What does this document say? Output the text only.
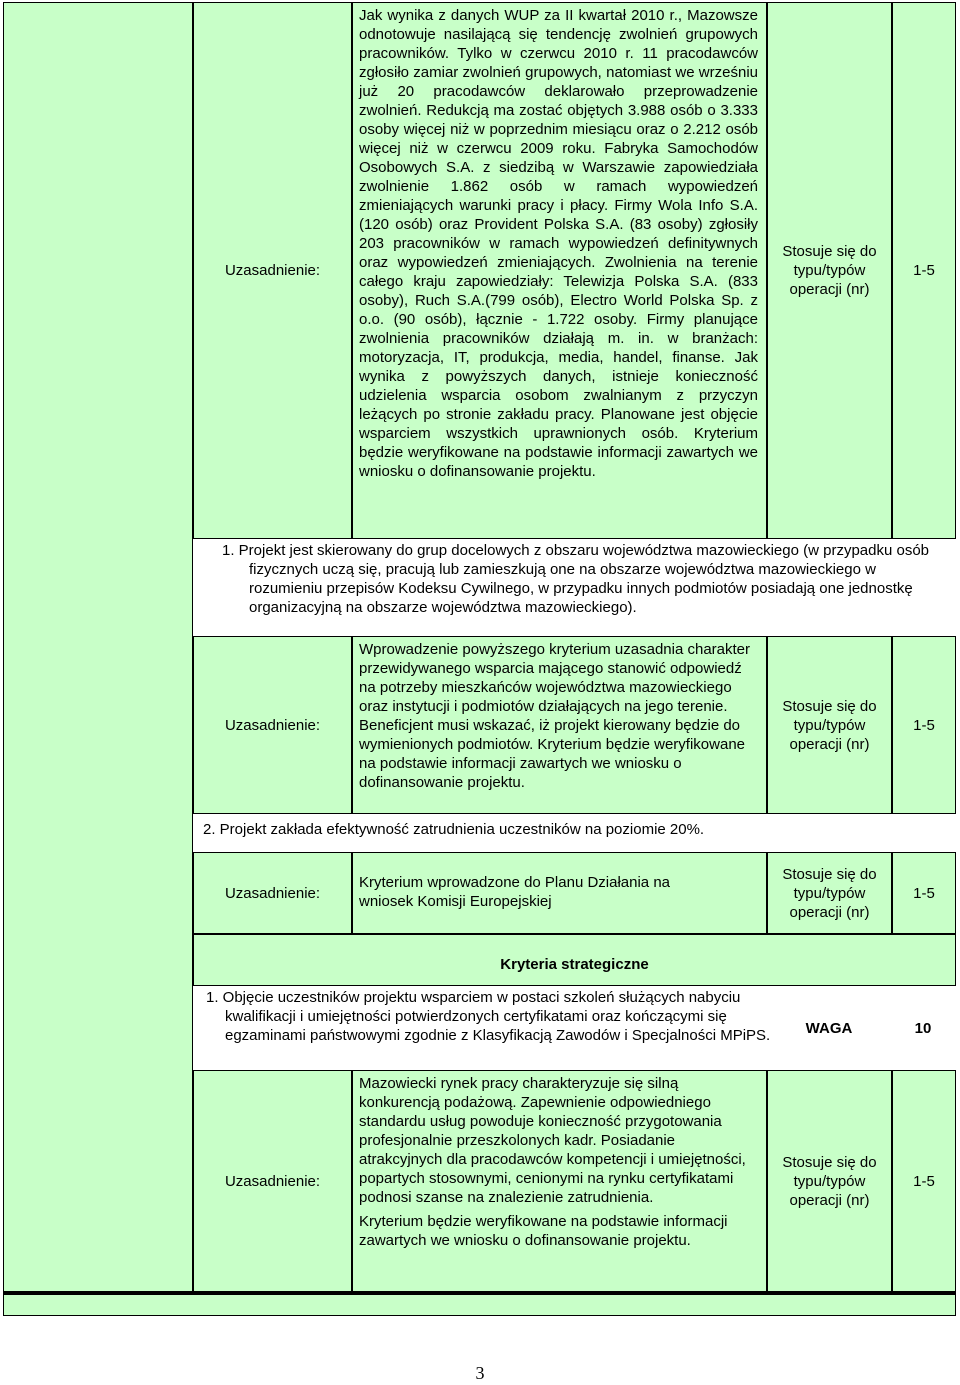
Uzasadnienie:
Jak wynika z danych WUP za II kwartał 2010 r., Mazowsze odnotowuje nasilającą się tendencję zwolnień grupowych pracowników. Tylko w czerwcu 2010 r. 11 pracodawców zgłosiło zamiar zwolnień grupowych, natomiast we wrześniu już 20 pracodawców deklarowało przeprowadzenie zwolnień. Redukcją ma zostać objętych 3.988 osób o 3.333 osoby więcej niż w poprzednim miesiącu oraz o 2.212 osób więcej niż w czerwcu 2009 roku. Fabryka Samochodów Osobowych S.A. z siedzibą w Warszawie zapowiedziała zwolnienie 1.862 osób w ramach wypowiedzeń zmieniających warunki pracy i płacy. Firmy Wola Info S.A. (120 osób) oraz Provident Polska S.A. (83 osoby) zgłosiły 203 pracowników w ramach wypowiedzeń definitywnych oraz wypowiedzeń zmieniających. Zwolnienia na terenie całego kraju zapowiedziały: Telewizja Polska S.A. (833 osoby), Ruch S.A.(799 osób), Electro World Polska Sp. z o.o. (90 osób), łącznie - 1.722 osoby. Firmy planujące zwolnienia pracowników działają m. in. w branżach: motoryzacja, IT, produkcja, media, handel, finanse. Jak wynika z powyższych danych, istnieje konieczność udzielenia wsparcia osobom zwalnianym z przyczyn leżących po stronie zakładu pracy. Planowane jest objęcie wsparciem wszystkich uprawnionych osób. Kryterium będzie weryfikowane na podstawie informacji zawartych we wniosku o dofinansowanie projektu.
Stosuje się do typu/typów operacji (nr)
1-5
1. Projekt jest skierowany do grup docelowych z obszaru województwa mazowieckiego (w przypadku osób fizycznych uczą się, pracują lub zamieszkują one na obszarze województwa mazowieckiego w rozumieniu przepisów Kodeksu Cywilnego, w przypadku innych podmiotów posiadają one jednostkę organizacyjną na obszarze województwa mazowieckiego).
Uzasadnienie:
Wprowadzenie powyższego kryterium uzasadnia charakter przewidywanego wsparcia mającego stanowić odpowiedź na potrzeby mieszkańców województwa mazowieckiego oraz instytucji i podmiotów działających na jego terenie. Beneficjent musi wskazać, iż projekt kierowany będzie do wymienionych podmiotów. Kryterium będzie weryfikowane na podstawie informacji zawartych we wniosku o dofinansowanie projektu.
Stosuje się do typu/typów operacji (nr)
1-5
2. Projekt zakłada efektywność zatrudnienia uczestników na poziomie 20%.
Uzasadnienie:
Kryterium wprowadzone do Planu Działania na wniosek Komisji Europejskiej
Stosuje się do typu/typów operacji (nr)
1-5
Kryteria strategiczne
1. Objęcie uczestników projektu wsparciem w postaci szkoleń służących nabyciu kwalifikacji i umiejętności potwierdzonych certyfikatami oraz kończącymi się egzaminami państwowymi zgodnie z Klasyfikacją Zawodów i Specjalności MPiPS. WAGA	10
Uzasadnienie:
Mazowiecki rynek pracy charakteryzuje się silną konkurencją podażową. Zapewnienie odpowiedniego standardu usług powoduje konieczność przygotowania profesjonalnie przeszkolonych kadr. Posiadanie atrakcyjnych dla pracodawców kompetencji i umiejętności, popartych stosownymi, cenionymi na rynku certyfikatami podnosi szanse na znalezienie zatrudnienia.
Kryterium będzie weryfikowane na podstawie informacji zawartych we wniosku o dofinansowanie projektu.
Stosuje się do typu/typów operacji (nr)
1-5
3
